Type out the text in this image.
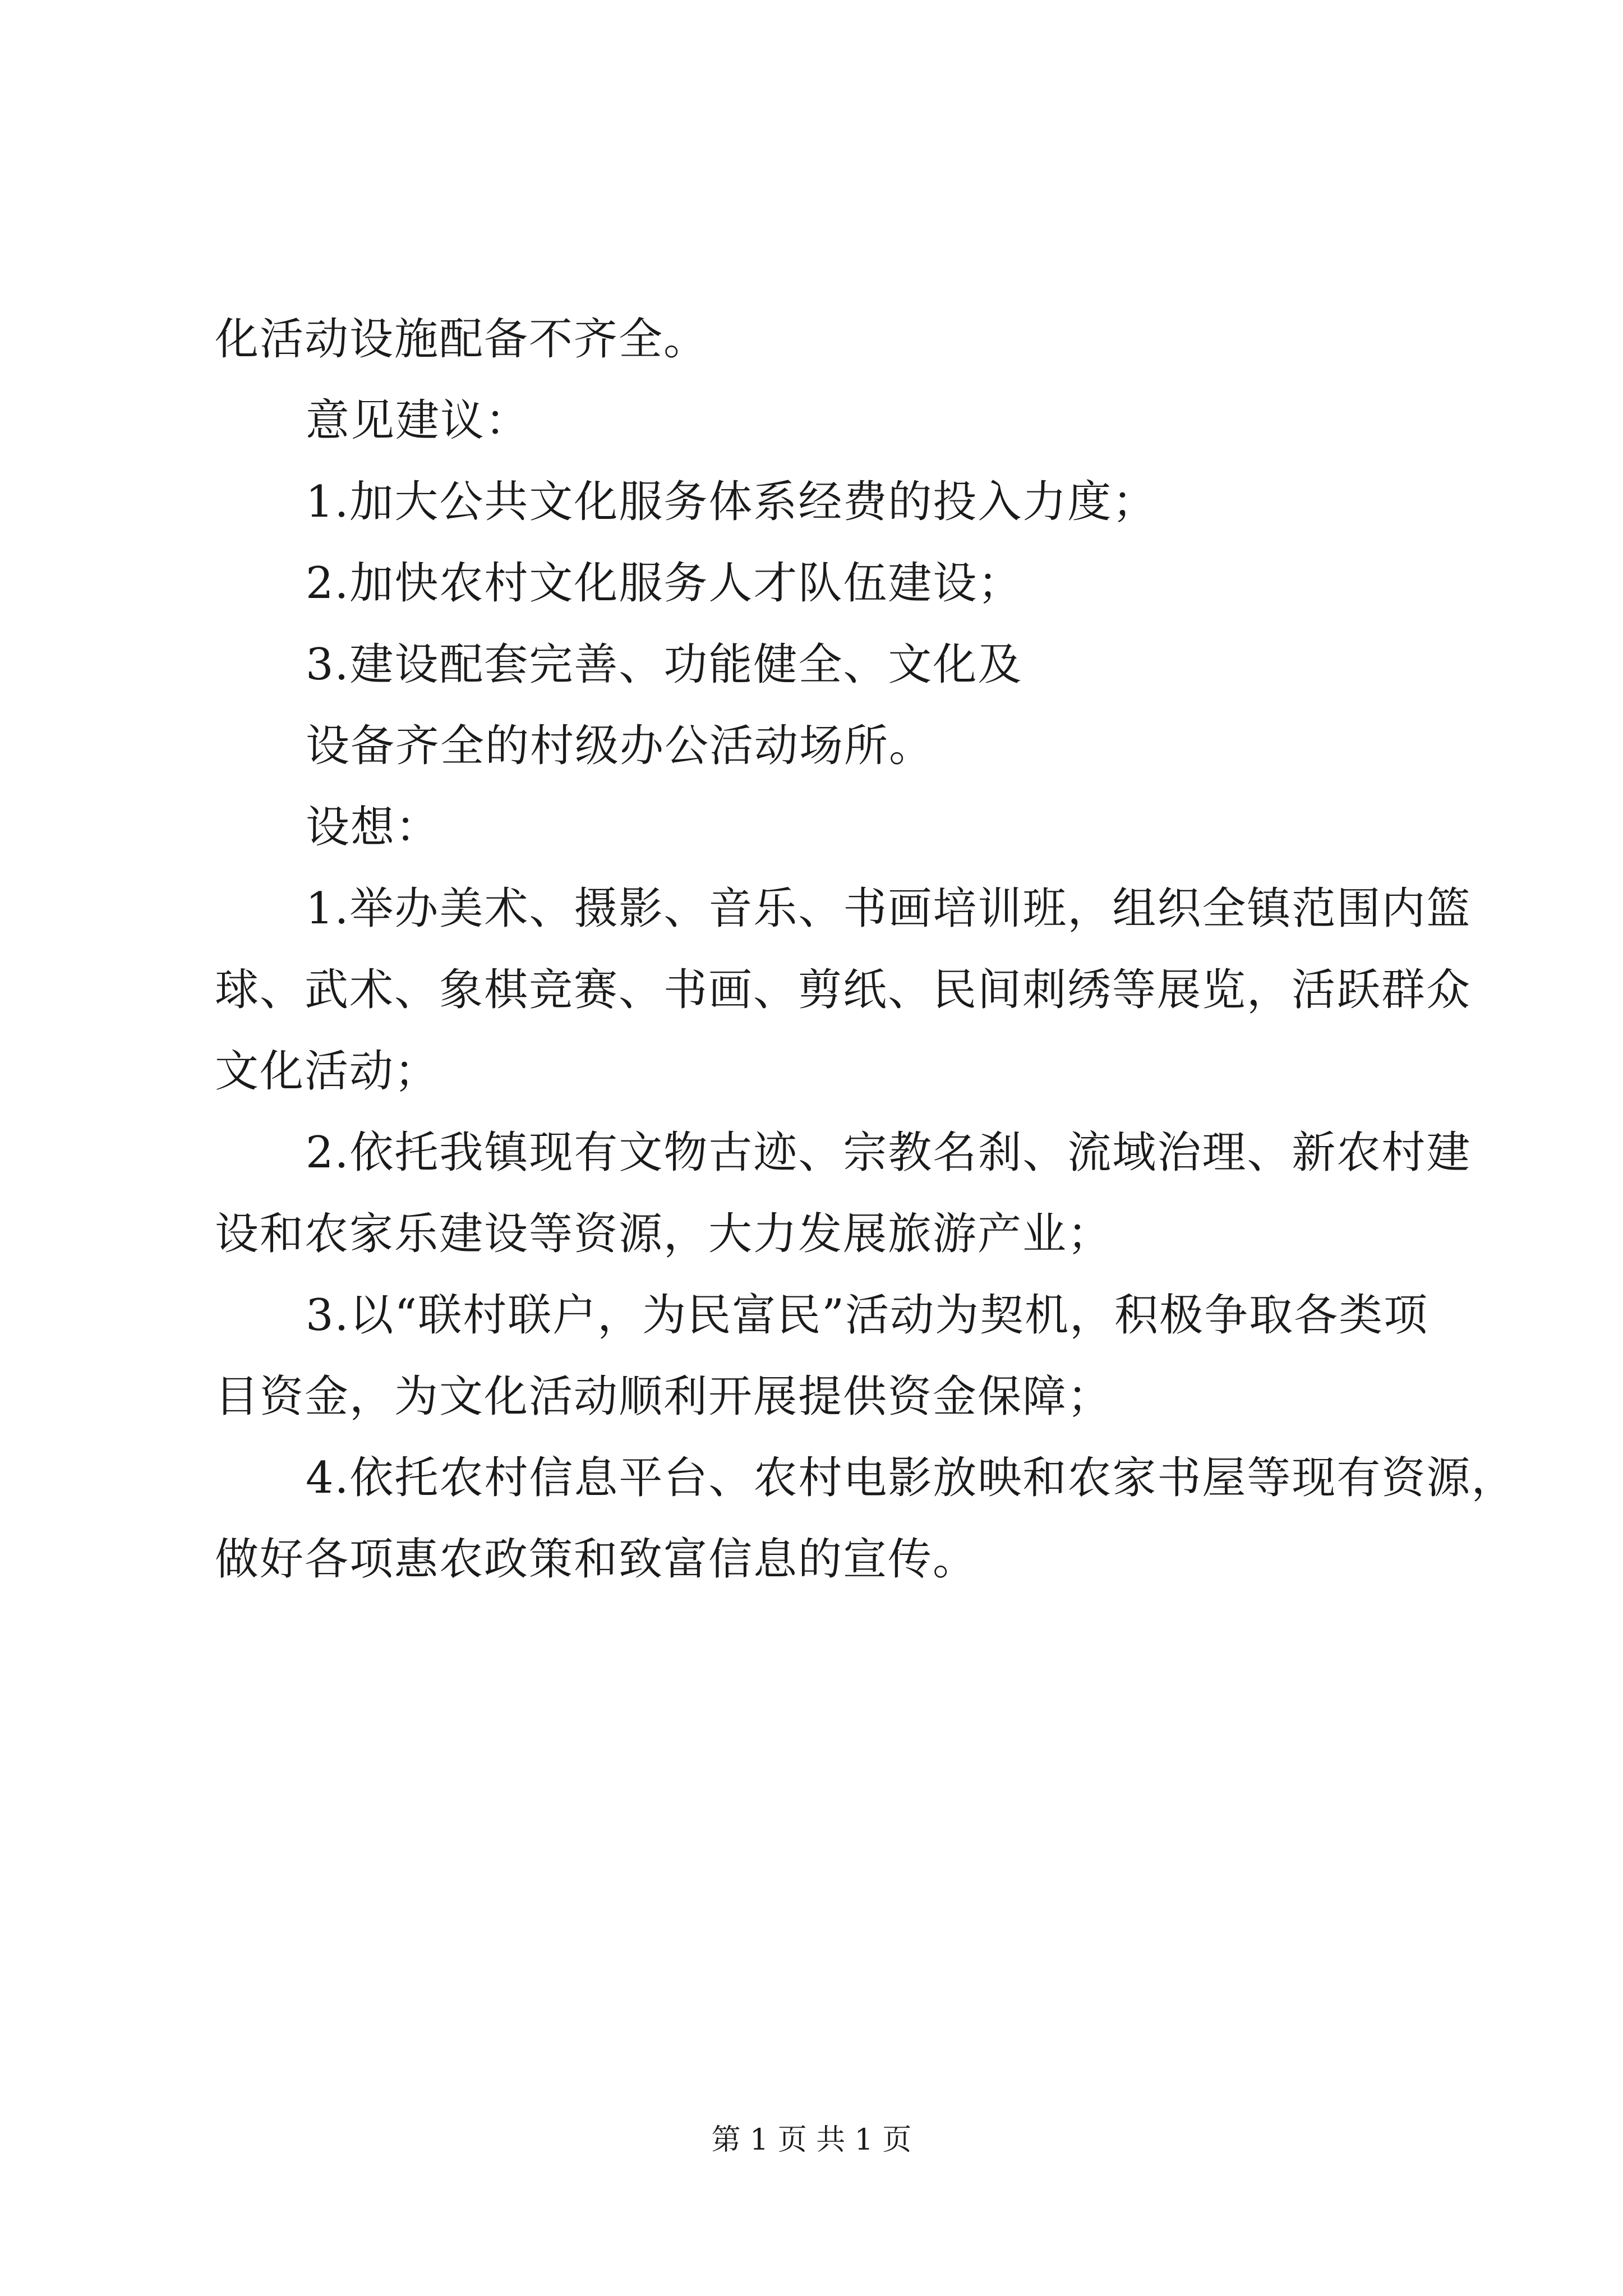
化活动设施配备不齐全。
意见建议：
1.加大公共文化服务体系经费的投入力度；
2.加快农村文化服务人才队伍建设；
3.建设配套完善、功能健全、文化及
设备齐全的村级办公活动场所。
设想：
1.举办美术、摄影、音乐、书画培训班，组织全镇范围内篮
球、武术、象棋竞赛、书画、剪纸、民间刺绣等展览，活跃群众
文化活动；
2.依托我镇现有文物古迹、宗教名刹、流域治理、新农村建
设和农家乐建设等资源，大力发展旅游产业；
3.以“联村联户，为民富民”活动为契机，积极争取各类项
目资金，为文化活动顺利开展提供资金保障；
4.依托农村信息平台、农村电影放映和农家书屋等现有资源，
做好各项惠农政策和致富信息的宣传。
第 1 页 共 1 页
